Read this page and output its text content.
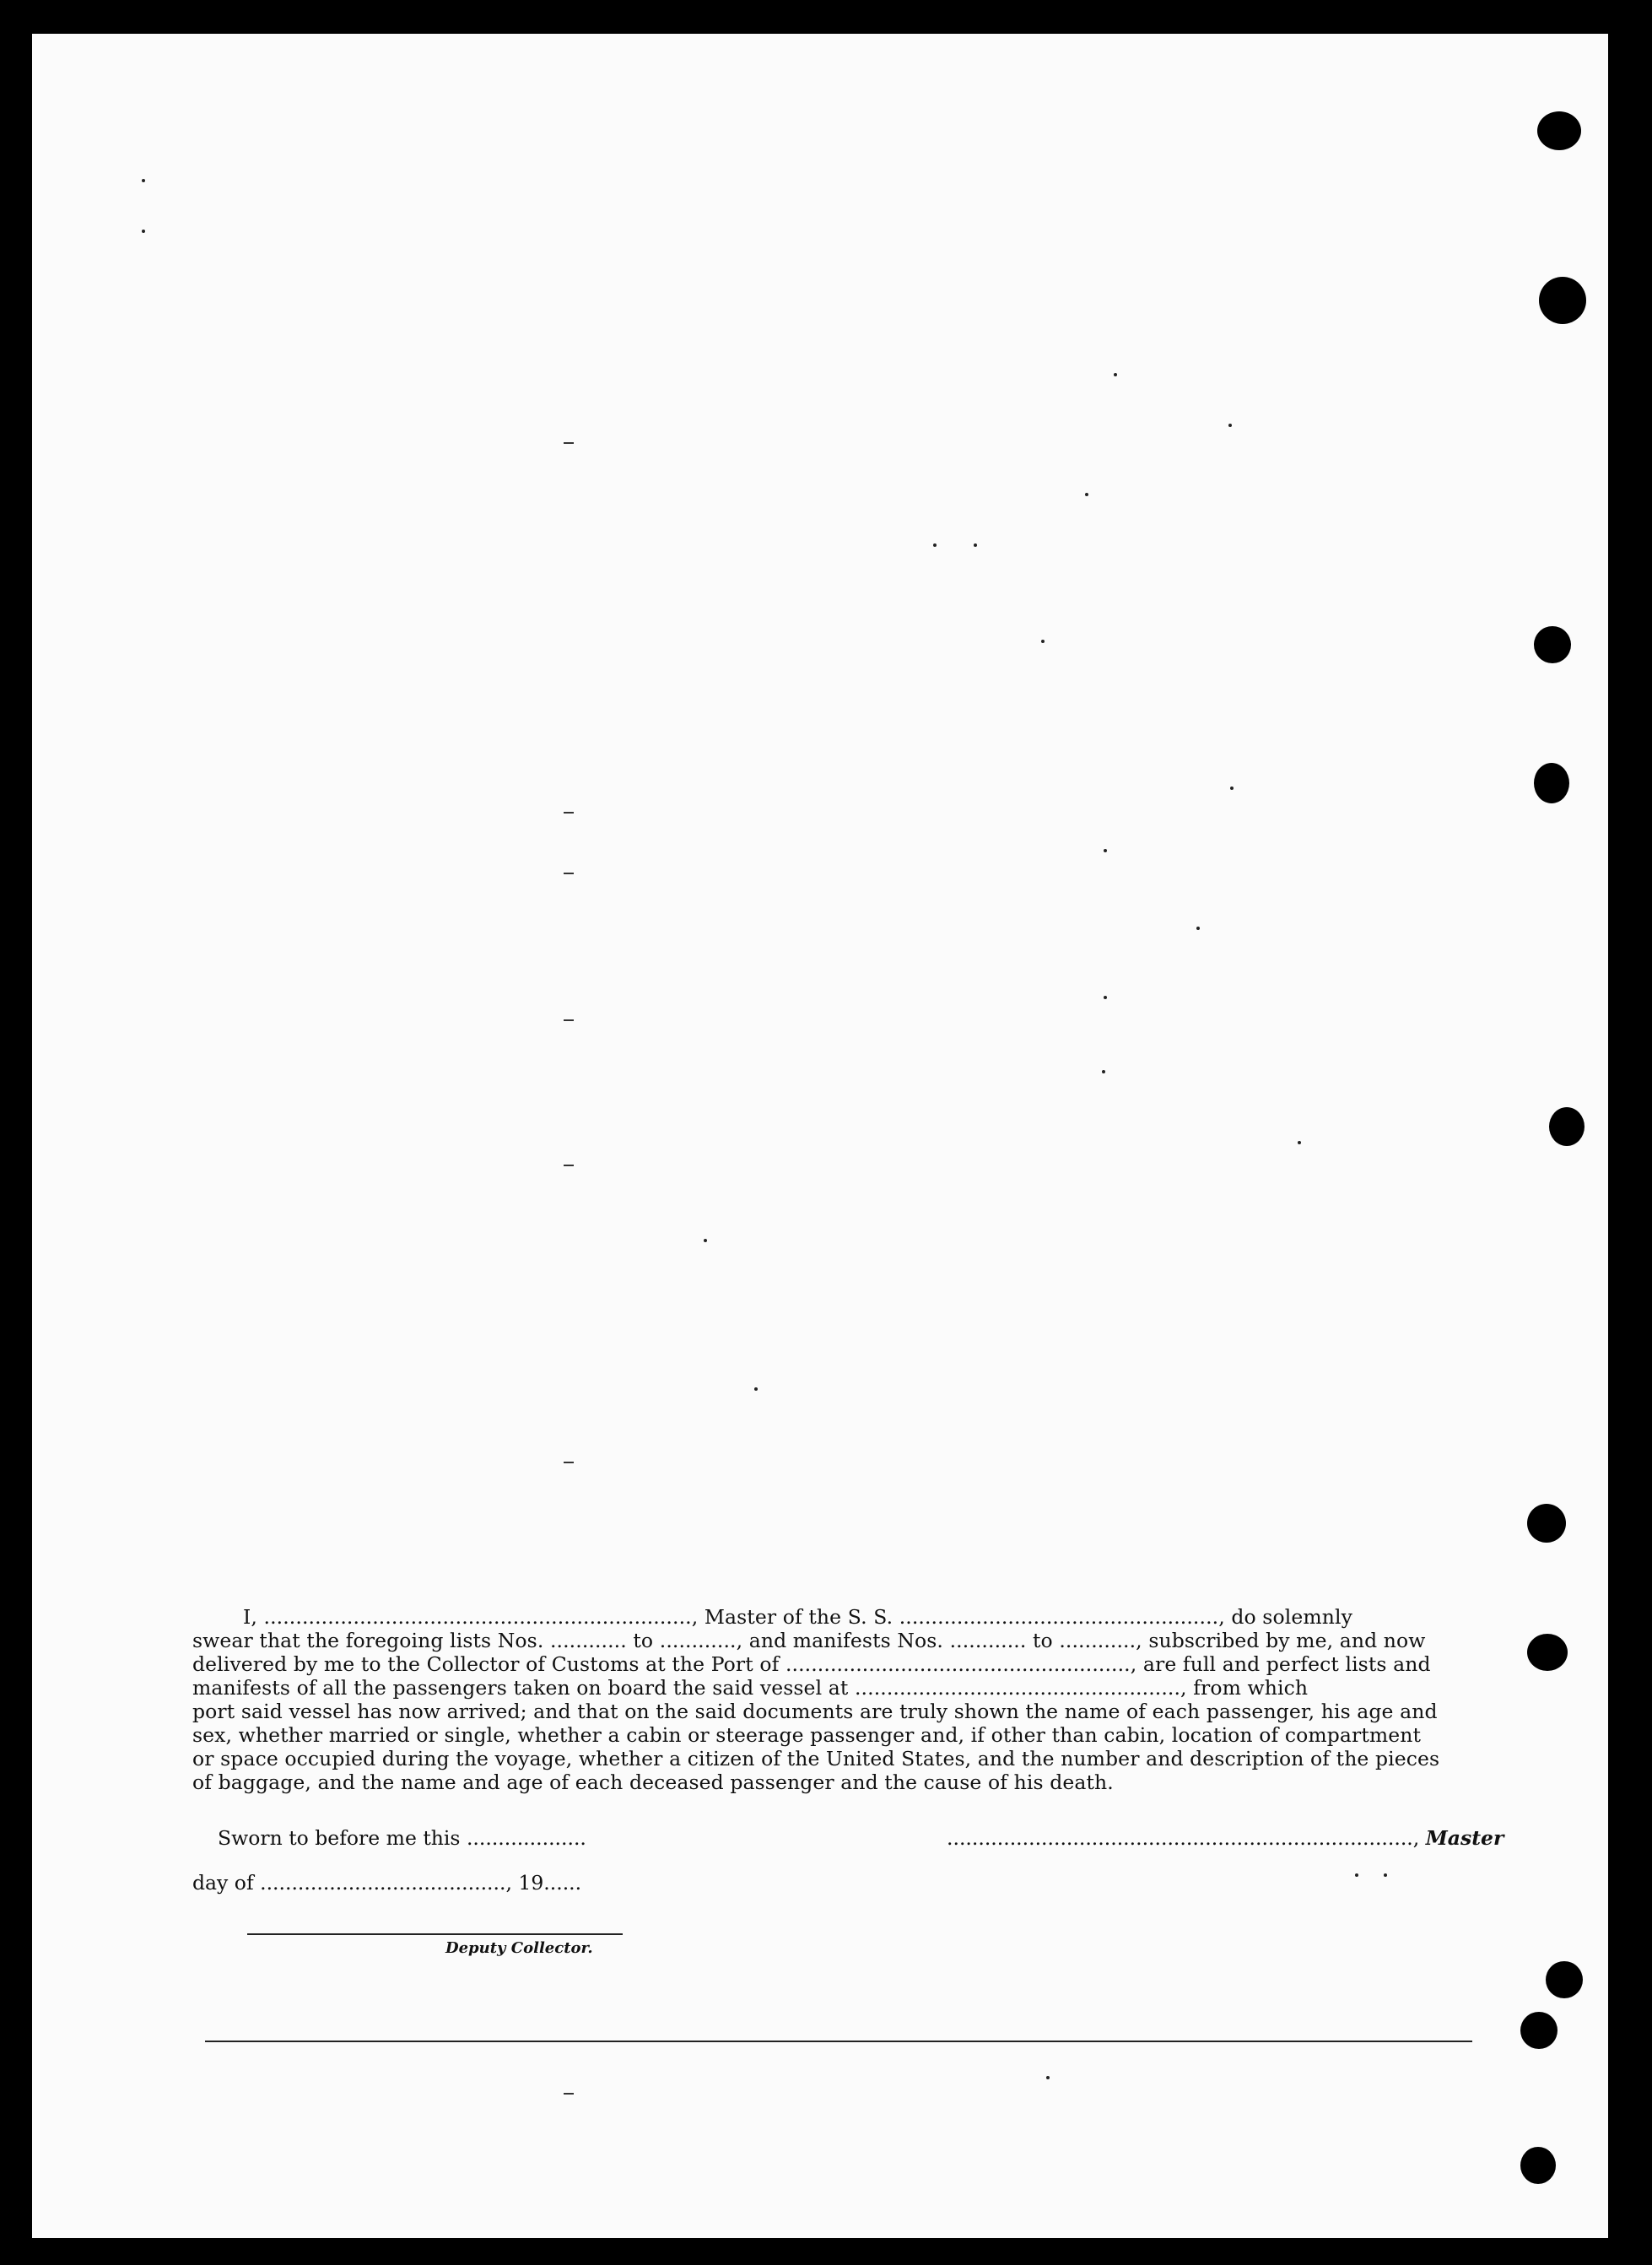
I, ..................................................................., Master of the S. S. .................................................., do solemnly

swear that the foregoing lists Nos. ............ to ............, and manifests Nos. ............ to ............, subscribed by me, and now

delivered by me to the Collector of Customs at the Port of ......................................................, are full and perfect lists and

manifests of all the passengers taken on board the said vessel at ..................................................., from which

port said vessel has now arrived; and that on the said documents are truly shown the name of each passenger, his age and

sex, whether married or single, whether a cabin or steerage passenger and, if other than cabin, location of compartment

or space occupied during the voyage, whether a citizen of the United States, and the number and description of the pieces

of baggage, and the name and age of each deceased passenger and the cause of his death.

Sworn to before me this ...................
day of ......................................., 19......
.........................................................................., Master
Deputy Collector.
